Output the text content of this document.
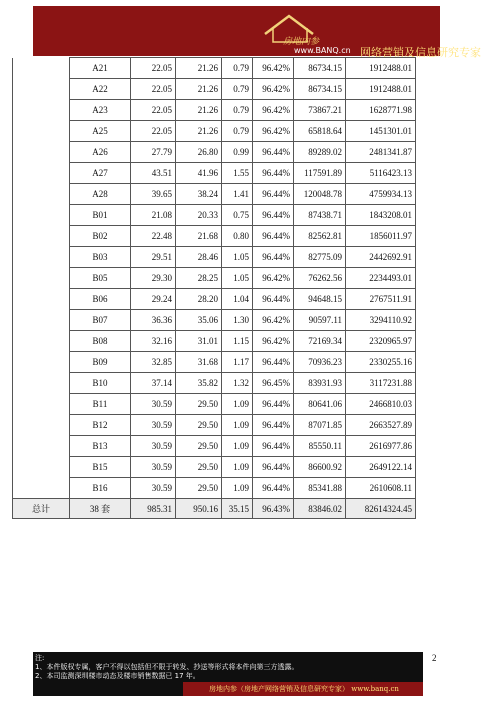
房地内参
www.BANQ.cn 网络营销及信息研究专家
	A21	22.05	21.26	0.79	96.42%	86734.15	1912488.01
	A22	22.05	21.26	0.79	96.42%	86734.15	1912488.01
	A23	22.05	21.26	0.79	96.42%	73867.21	1628771.98
	A25	22.05	21.26	0.79	96.42%	65818.64	1451301.01
	A26	27.79	26.80	0.99	96.44%	89289.02	2481341.87
	A27	43.51	41.96	1.55	96.44%	117591.89	5116423.13
	A28	39.65	38.24	1.41	96.44%	120048.78	4759934.13
	B01	21.08	20.33	0.75	96.44%	87438.71	1843208.01
	B02	22.48	21.68	0.80	96.44%	82562.81	1856011.97
	B03	29.51	28.46	1.05	96.44%	82775.09	2442692.91
	B05	29.30	28.25	1.05	96.42%	76262.56	2234493.01
	B06	29.24	28.20	1.04	96.44%	94648.15	2767511.91
	B07	36.36	35.06	1.30	96.42%	90597.11	3294110.92
	B08	32.16	31.01	1.15	96.42%	72169.34	2320965.97
	B09	32.85	31.68	1.17	96.44%	70936.23	2330255.16
	B10	37.14	35.82	1.32	96.45%	83931.93	3117231.88
	B11	30.59	29.50	1.09	96.44%	80641.06	2466810.03
	B12	30.59	29.50	1.09	96.44%	87071.85	2663527.89
	B13	30.59	29.50	1.09	96.44%	85550.11	2616977.86
	B15	30.59	29.50	1.09	96.44%	86600.92	2649122.14
	B16	30.59	29.50	1.09	96.44%	85341.88	2610608.11
总计	38 套	985.31	950.16	35.15	96.43%	83846.02	82614324.45
注:
1、本件版权专属，客户不得以包括但不限于转发、抄送等形式将本件向第三方透露。
2、本司监测深圳楼市动态及楼市销售数据已 17 年。
房地内参（房地产网络营销及信息研究专家） www.banq.cn
2
